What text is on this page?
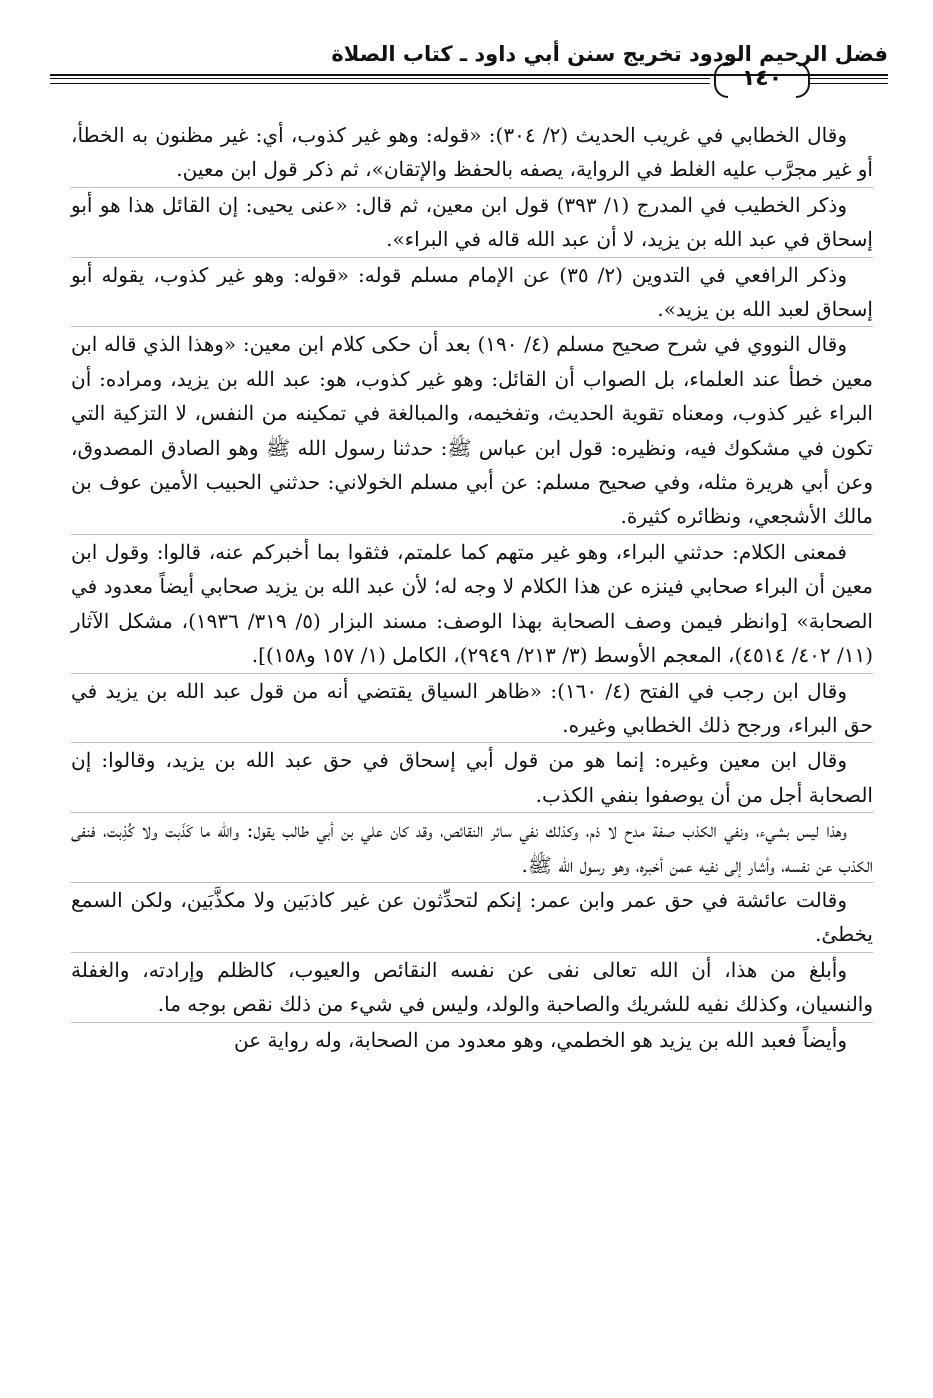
فضل الرحيم الودود تخريج سنن أبي داود ـ كتاب الصلاة
١٤٠

وقال الخطابي في غريب الحديث (٢/ ٣٠٤): «قوله: وهو غير كذوب، أي: غير مظنون به الخطأ، أو غير مجرَّب عليه الغلط في الرواية، يصفه بالحفظ والإتقان»، ثم ذكر قول ابن معين.

وذكر الخطيب في المدرج (١/ ٣٩٣) قول ابن معين، ثم قال: «عنى يحيى: إن القائل هذا هو أبو إسحاق في عبد الله بن يزيد، لا أن عبد الله قاله في البراء».

وذكر الرافعي في التدوين (٢/ ٣٥) عن الإمام مسلم قوله: «قوله: وهو غير كذوب، يقوله أبو إسحاق لعبد الله بن يزيد».

وقال النووي في شرح صحيح مسلم (٤/ ١٩٠) بعد أن حكى كلام ابن معين: «وهذا الذي قاله ابن معين خطأ عند العلماء، بل الصواب أن القائل: وهو غير كذوب، هو: عبد الله بن يزيد، ومراده: أن البراء غير كذوب، ومعناه تقوية الحديث، وتفخيمه، والمبالغة في تمكينه من النفس، لا التزكية التي تكون في مشكوك فيه، ونظيره: قول ابن عباس ﷺ: حدثنا رسول الله ﷺ وهو الصادق المصدوق، وعن أبي هريرة مثله، وفي صحيح مسلم: عن أبي مسلم الخولاني: حدثني الحبيب الأمين عوف بن مالك الأشجعي، ونظائره كثيرة.

فمعنى الكلام: حدثني البراء، وهو غير متهم كما علمتم، فثقوا بما أخبركم عنه، قالوا: وقول ابن معين أن البراء صحابي فينزه عن هذا الكلام لا وجه له؛ لأن عبد الله بن يزيد صحابي أيضاً معدود في الصحابة» [وانظر فيمن وصف الصحابة بهذا الوصف: مسند البزار (٥/ ٣١٩/ ١٩٣٦)، مشكل الآثار (١١/ ٤٠٢/ ٤٥١٤)، المعجم الأوسط (٣/ ٢١٣/ ٢٩٤٩)، الكامل (١/ ١٥٧ و١٥٨)].

وقال ابن رجب في الفتح (٤/ ١٦٠): «ظاهر السياق يقتضي أنه من قول عبد الله بن يزيد في حق البراء، ورجح ذلك الخطابي وغيره.

وقال ابن معين وغيره: إنما هو من قول أبي إسحاق في حق عبد الله بن يزيد، وقالوا: إن الصحابة أجل من أن يوصفوا بنفي الكذب.

وهذا ليس بشيء، ونفي الكذب صفة مدح لا ذم، وكذلك نفي سائر النقائص، وقد كان علي بن أبي طالب يقول: والله ما كَذَبت ولا كُذِبت، فنفى الكذب عن نفسه، وأشار إلى نفيه عمن أخبره، وهو رسول الله ﷺ.

وقالت عائشة في حق عمر وابن عمر: إنكم لتحدِّثون عن غير كاذبَين ولا مكذَّبَين، ولكن السمع يخطئ.

وأبلغ من هذا، أن الله تعالى نفى عن نفسه النقائص والعيوب، كالظلم وإرادته، والغفلة والنسيان، وكذلك نفيه للشريك والصاحبة والولد، وليس في شيء من ذلك نقص بوجه ما.

وأيضاً فعبد الله بن يزيد هو الخطمي، وهو معدود من الصحابة، وله رواية عن
